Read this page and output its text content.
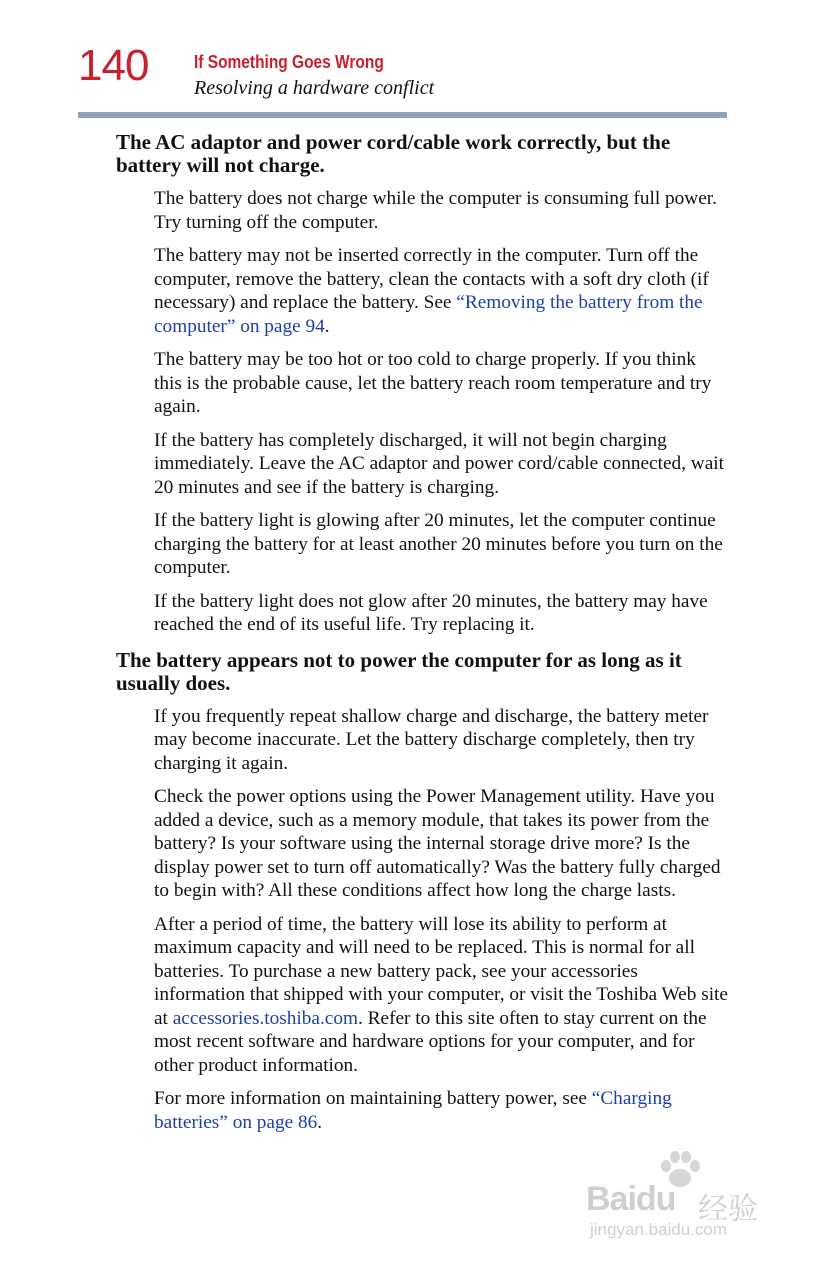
140	If Something Goes Wrong
Resolving a hardware conflict
The AC adaptor and power cord/cable work correctly, but the battery will not charge.

The battery does not charge while the computer is consuming full power. Try turning off the computer.

The battery may not be inserted correctly in the computer. Turn off the computer, remove the battery, clean the contacts with a soft dry cloth (if necessary) and replace the battery. See “Removing the battery from the computer” on page 94.

The battery may be too hot or too cold to charge properly. If you think this is the probable cause, let the battery reach room temperature and try again.

If the battery has completely discharged, it will not begin charging immediately. Leave the AC adaptor and power cord/cable connected, wait 20 minutes and see if the battery is charging.

If the battery light is glowing after 20 minutes, let the computer continue charging the battery for at least another 20 minutes before you turn on the computer.

If the battery light does not glow after 20 minutes, the battery may have reached the end of its useful life. Try replacing it.

The battery appears not to power the computer for as long as it usually does.

If you frequently repeat shallow charge and discharge, the battery meter may become inaccurate. Let the battery discharge completely, then try charging it again.

Check the power options using the Power Management utility. Have you added a device, such as a memory module, that takes its power from the battery? Is your software using the internal storage drive more? Is the display power set to turn off automatically? Was the battery fully charged to begin with? All these conditions affect how long the charge lasts.

After a period of time, the battery will lose its ability to perform at maximum capacity and will need to be replaced. This is normal for all batteries. To purchase a new battery pack, see your accessories information that shipped with your computer, or visit the Toshiba Web site at accessories.toshiba.com. Refer to this site often to stay current on the most recent software and hardware options for your computer, and for other product information.

For more information on maintaining battery power, see “Charging batteries” on page 86.

Baidu 经验
jingyan.baidu.com
